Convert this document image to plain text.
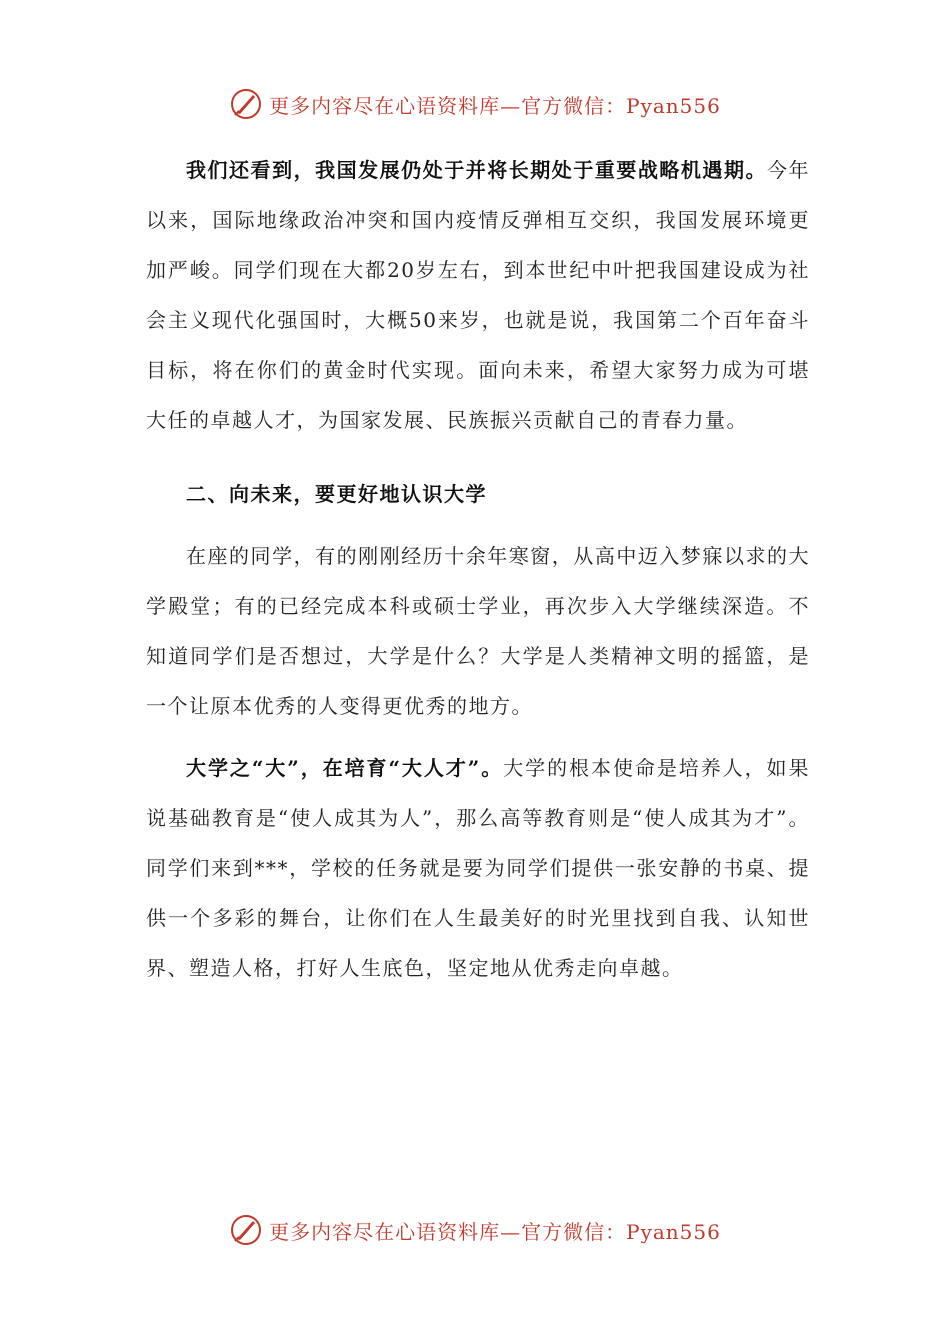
更多内容尽在心语资料库—官方微信：Pyan556

我们还看到，我国发展仍处于并将长期处于重要战略机遇期。今年以来，国际地缘政治冲突和国内疫情反弹相互交织，我国发展环境更加严峻。同学们现在大都20岁左右，到本世纪中叶把我国建设成为社会主义现代化强国时，大概50来岁，也就是说，我国第二个百年奋斗目标，将在你们的黄金时代实现。面向未来，希望大家努力成为可堪大任的卓越人才，为国家发展、民族振兴贡献自己的青春力量。

二、向未来，要更好地认识大学

在座的同学，有的刚刚经历十余年寒窗，从高中迈入梦寐以求的大学殿堂；有的已经完成本科或硕士学业，再次步入大学继续深造。不知道同学们是否想过，大学是什么？大学是人类精神文明的摇篮，是一个让原本优秀的人变得更优秀的地方。

大学之“大”，在培育“大人才”。大学的根本使命是培养人，如果说基础教育是“使人成其为人”，那么高等教育则是“使人成其为才”。同学们来到***，学校的任务就是要为同学们提供一张安静的书桌、提供一个多彩的舞台，让你们在人生最美好的时光里找到自我、认知世界、塑造人格，打好人生底色，坚定地从优秀走向卓越。

更多内容尽在心语资料库—官方微信：Pyan556
